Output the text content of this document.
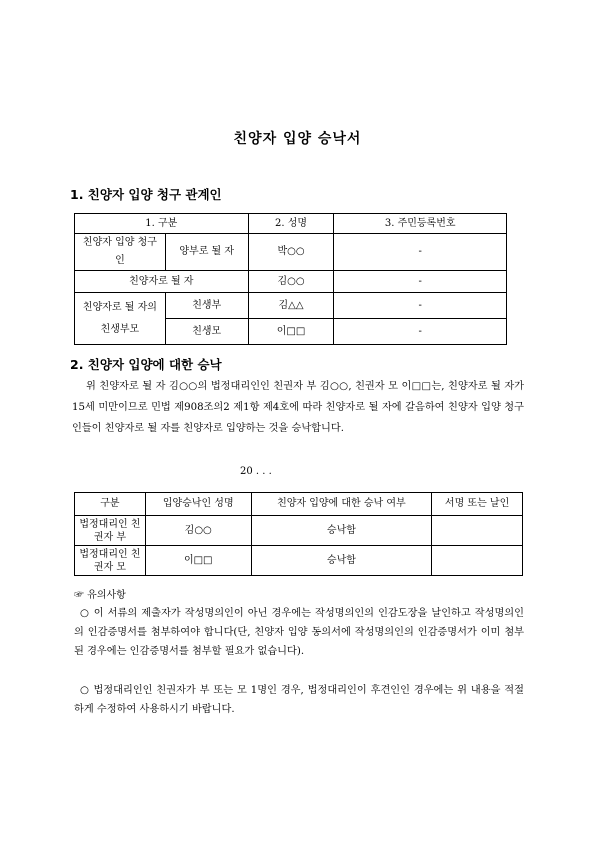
친양자 입양 승낙서
1. 친양자 입양 청구 관계인
1. 구분		2. 성명	3. 주민등록번호
친양자 입양 청구인	양부로 될 자	박○○	-
친양자로 될 자		김○○	-
친양자로 될 자의 친생부모	친생부	김△△	-
	친생모	이□□	-
2. 친양자 입양에 대한 승낙
위 친양자로 될 자 김○○의 법정대리인인 친권자 부 김○○, 친권자 모 이□□는, 친양자로 될 자가 15세 미만이므로 민법 제908조의2 제1항 제4호에 따라 친양자로 될 자에 갈음하여 친양자 입양 청구인들이 친양자로 될 자를 친양자로 입양하는 것을 승낙합니다.
20 . . .
구분	입양승낙인 성명	친양자 입양에 대한 승낙 여부	서명 또는 날인
법정대리인 친권자 부	김○○	승낙함	
법정대리인 친권자 모	이□□	승낙함	
☞ 유의사항
○ 이 서류의 제출자가 작성명의인이 아닌 경우에는 작성명의인의 인감도장을 날인하고 작성명의인의 인감증명서를 첨부하여야 합니다(단, 친양자 입양 동의서에 작성명의인의 인감증명서가 이미 첨부된 경우에는 인감증명서를 첨부할 필요가 없습니다).
○ 법정대리인인 친권자가 부 또는 모 1명인 경우, 법정대리인이 후견인인 경우에는 위 내용을 적절하게 수정하여 사용하시기 바랍니다.
